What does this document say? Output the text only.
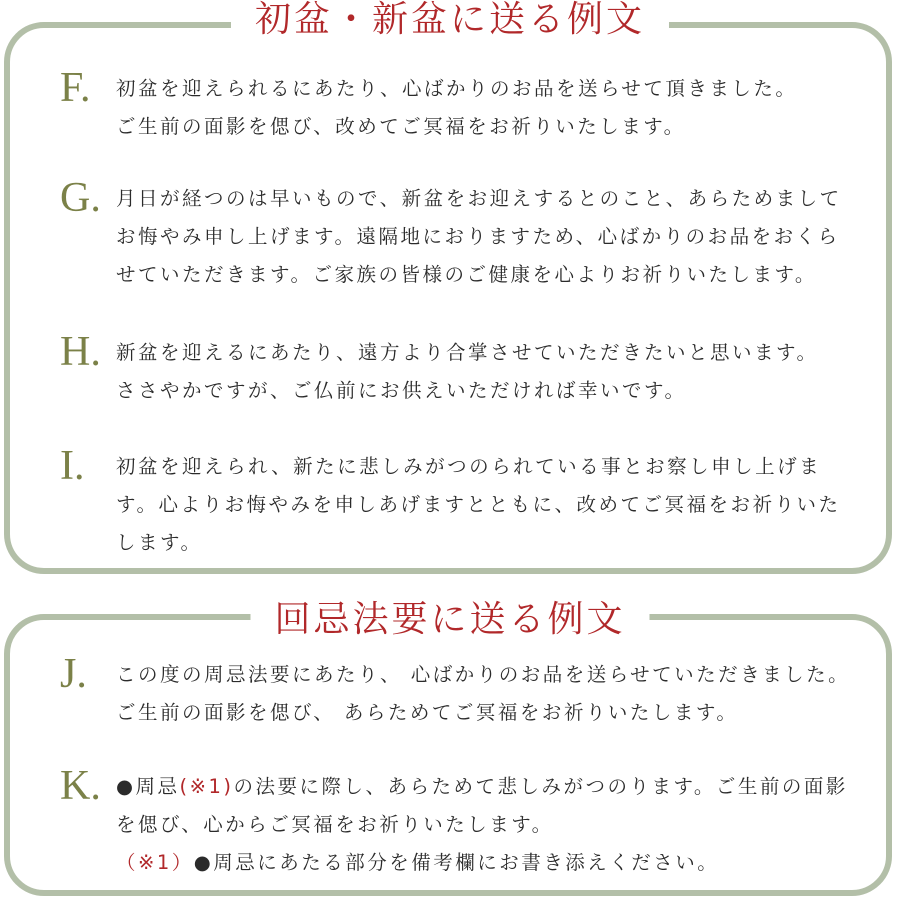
初盆・新盆に送る例文
F.	初盆を迎えられるにあたり、心ばかりのお品を送らせて頂きました。
ご生前の面影を偲び、改めてご冥福をお祈りいたします。
G. 月日が経つのは早いもので、新盆をお迎えするとのこと、あらためまして
お悔やみ申し上げます。遠隔地におりますため、心ばかりのお品をおくら
せていただきます。ご家族の皆様のご健康を心よりお祈りいたします。
H. 新盆を迎えるにあたり、遠方より合掌させていただきたいと思います。
ささやかですが、ご仏前にお供えいただければ幸いです。
I.	初盆を迎えられ、新たに悲しみがつのられている事とお察し申し上げま
す。心よりお悔やみを申しあげますとともに、改めてご冥福をお祈りいた
します。
回忌法要に送る例文
J.	この度の周忌法要にあたり、 心ばかりのお品を送らせていただきました。
ご生前の面影を偲び、 あらためてご冥福をお祈りいたします。
K. ●周忌(※1)の法要に際し、あらためて悲しみがつのります。ご生前の面影
を偲び、心からご冥福をお祈りいたします。
（※1）●周忌にあたる部分を備考欄にお書き添えください。
